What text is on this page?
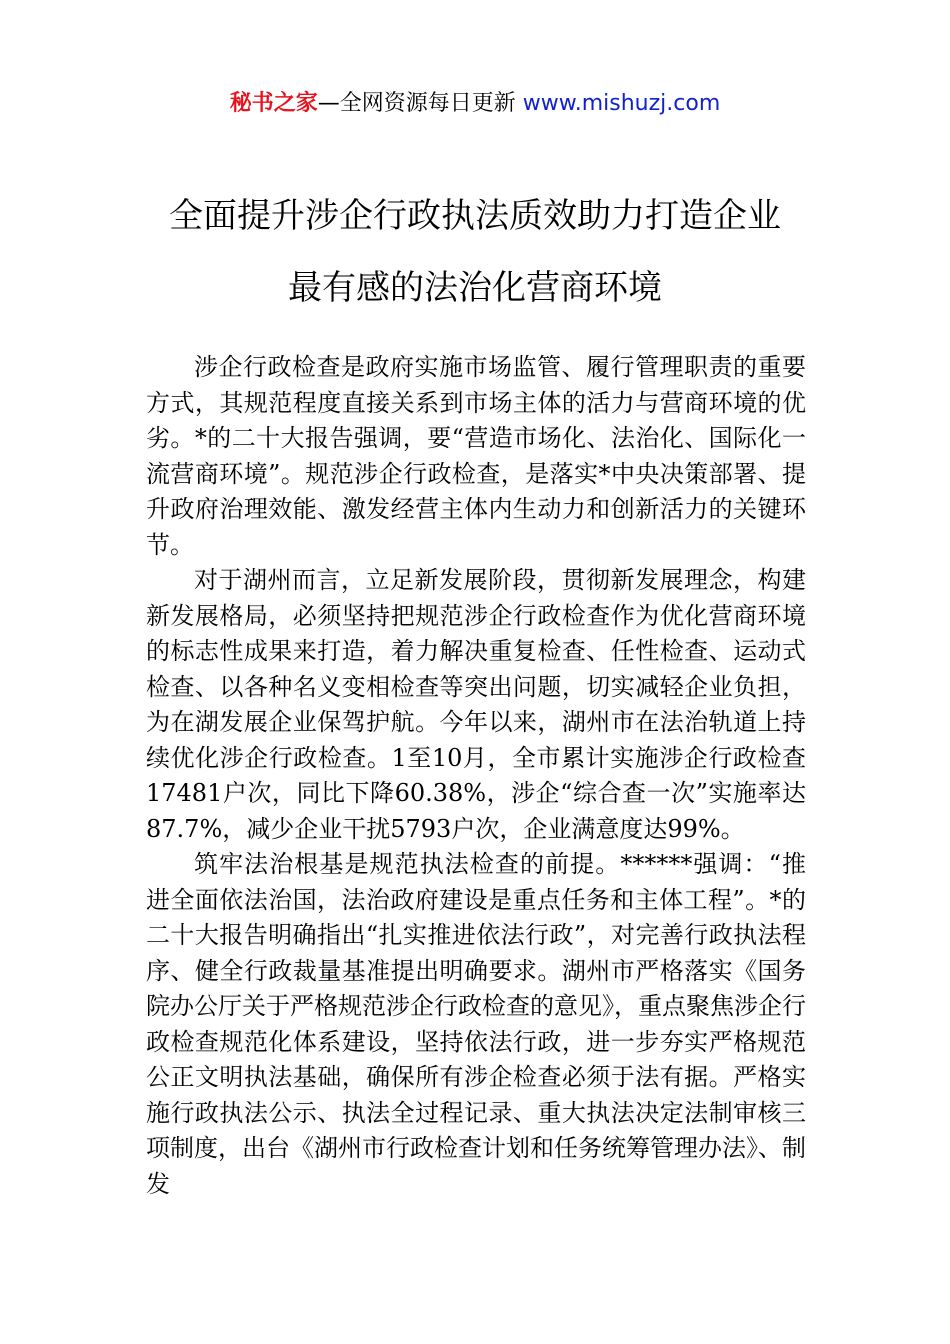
秘书之家—全网资源每日更新 www.mishuzj.com
全面提升涉企行政执法质效助力打造企业
最有感的法治化营商环境

涉企行政检查是政府实施市场监管、履行管理职责的重要方式，其规范程度直接关系到市场主体的活力与营商环境的优劣。*的二十大报告强调，要“营造市场化、法治化、国际化一流营商环境”。规范涉企行政检查，是落实*中央决策部署、提升政府治理效能、激发经营主体内生动力和创新活力的关键环节。

对于湖州而言，立足新发展阶段，贯彻新发展理念，构建新发展格局，必须坚持把规范涉企行政检查作为优化营商环境的标志性成果来打造，着力解决重复检查、任性检查、运动式检查、以各种名义变相检查等突出问题，切实减轻企业负担，为在湖发展企业保驾护航。今年以来，湖州市在法治轨道上持续优化涉企行政检查。1至10月，全市累计实施涉企行政检查17481户次，同比下降60.38%，涉企“综合查一次”实施率达87.7%，减少企业干扰5793户次，企业满意度达99%。

筑牢法治根基是规范执法检查的前提。******强调：“推进全面依法治国，法治政府建设是重点任务和主体工程”。*的二十大报告明确指出“扎实推进依法行政”，对完善行政执法程序、健全行政裁量基准提出明确要求。湖州市严格落实《国务院办公厅关于严格规范涉企行政检查的意见》，重点聚焦涉企行政检查规范化体系建设，坚持依法行政，进一步夯实严格规范公正文明执法基础，确保所有涉企检查必须于法有据。严格实施行政执法公示、执法全过程记录、重大执法决定法制审核三项制度，出台《湖州市行政检查计划和任务统筹管理办法》、制发
